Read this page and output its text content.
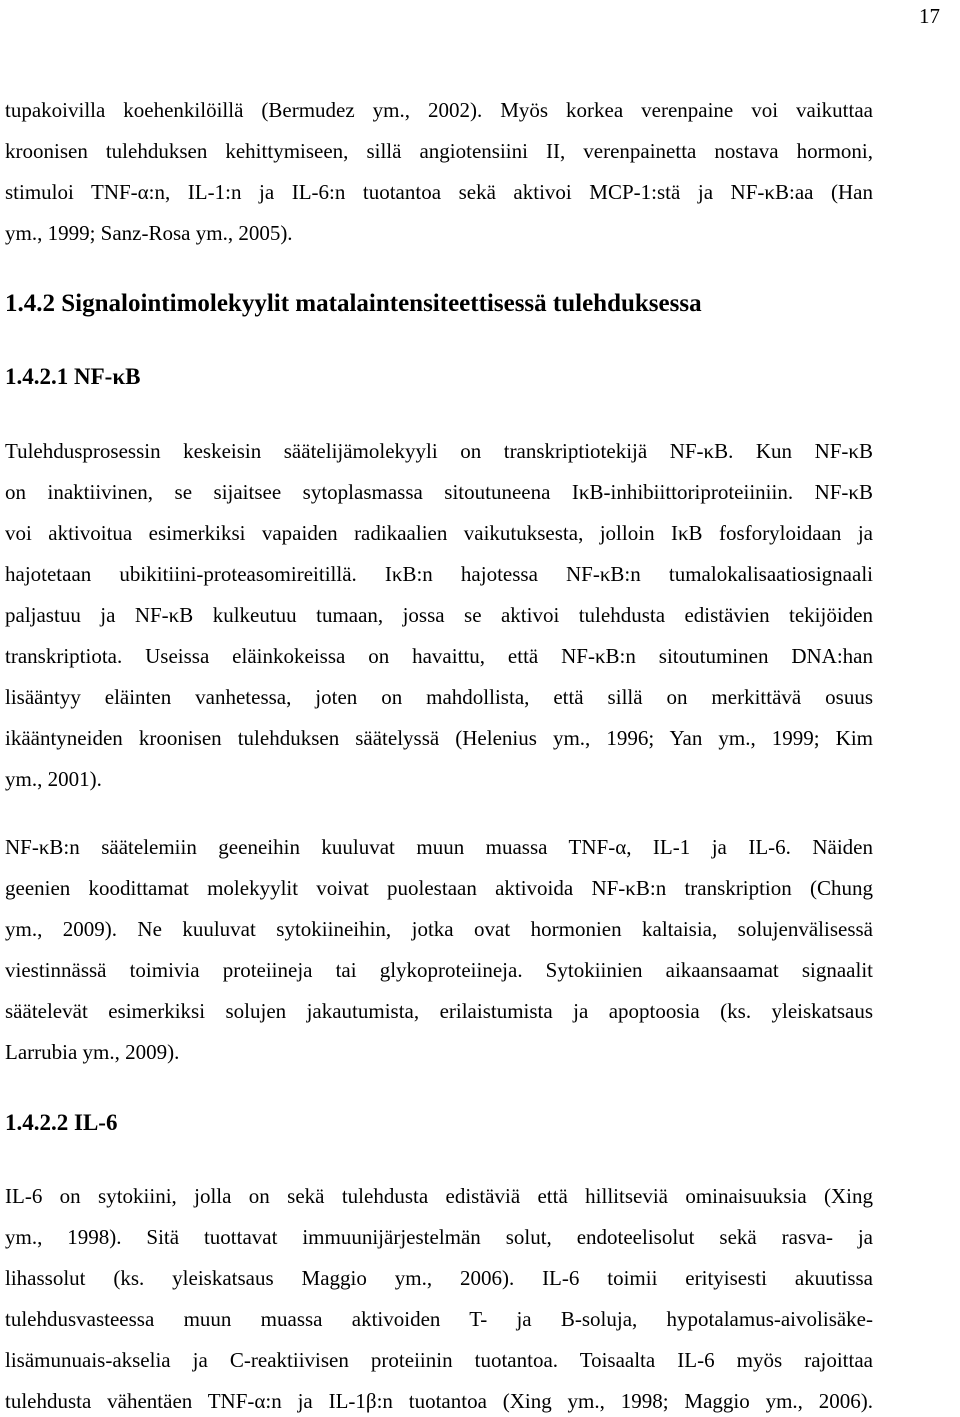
17
tupakoivilla koehenkilöillä (Bermudez ym., 2002). Myös korkea verenpaine voi vaikuttaa
kroonisen tulehduksen kehittymiseen, sillä angiotensiini II, verenpainetta nostava hormoni,
stimuloi TNF-α:n, IL-1:n ja IL-6:n tuotantoa sekä aktivoi MCP-1:stä ja NF-κB:aa (Han
ym., 1999; Sanz-Rosa ym., 2005).
1.4.2 Signalointimolekyylit matalaintensiteettisessä tulehduksessa
1.4.2.1 NF-κB
Tulehdusprosessin keskeisin säätelijämolekyyli on transkriptiotekijä NF-κB. Kun NF-κB
on inaktiivinen, se sijaitsee sytoplasmassa sitoutuneena IκB-inhibiittoriproteiiniin. NF-κB
voi aktivoitua esimerkiksi vapaiden radikaalien vaikutuksesta, jolloin IκB fosforyloidaan ja
hajotetaan ubikitiini-proteasomireitillä. IκB:n hajotessa NF-κB:n tumalokalisaatiosignaali
paljastuu ja NF-κB kulkeutuu tumaan, jossa se aktivoi tulehdusta edistävien tekijöiden
transkriptiota. Useissa eläinkokeissa on havaittu, että NF-κB:n sitoutuminen DNA:han
lisääntyy eläinten vanhetessa, joten on mahdollista, että sillä on merkittävä osuus
ikääntyneiden kroonisen tulehduksen säätelyssä (Helenius ym., 1996; Yan ym., 1999; Kim
ym., 2001).
NF-κB:n säätelemiin geeneihin kuuluvat muun muassa TNF-α, IL-1 ja IL-6. Näiden
geenien koodittamat molekyylit voivat puolestaan aktivoida NF-κB:n transkription (Chung
ym., 2009). Ne kuuluvat sytokiineihin, jotka ovat hormonien kaltaisia, solujenvälisessä
viestinnässä toimivia proteiineja tai glykoproteiineja. Sytokiinien aikaansaamat signaalit
säätelevät esimerkiksi solujen jakautumista, erilaistumista ja apoptoosia (ks. yleiskatsaus
Larrubia ym., 2009).
1.4.2.2 IL-6
IL-6 on sytokiini, jolla on sekä tulehdusta edistäviä että hillitseviä ominaisuuksia (Xing
ym., 1998). Sitä tuottavat immuunijärjestelmän solut, endoteelisolut sekä rasva- ja
lihassolut (ks. yleiskatsaus Maggio ym., 2006). IL-6 toimii erityisesti akuutissa
tulehdusvasteessa muun muassa aktivoiden T- ja B-soluja, hypotalamus-aivolisäke-
lisämunuais-akselia ja C-reaktiivisen proteiinin tuotantoa. Toisaalta IL-6 myös rajoittaa
tulehdusta vähentäen TNF-α:n ja IL-1β:n tuotantoa (Xing ym., 1998; Maggio ym., 2006).
